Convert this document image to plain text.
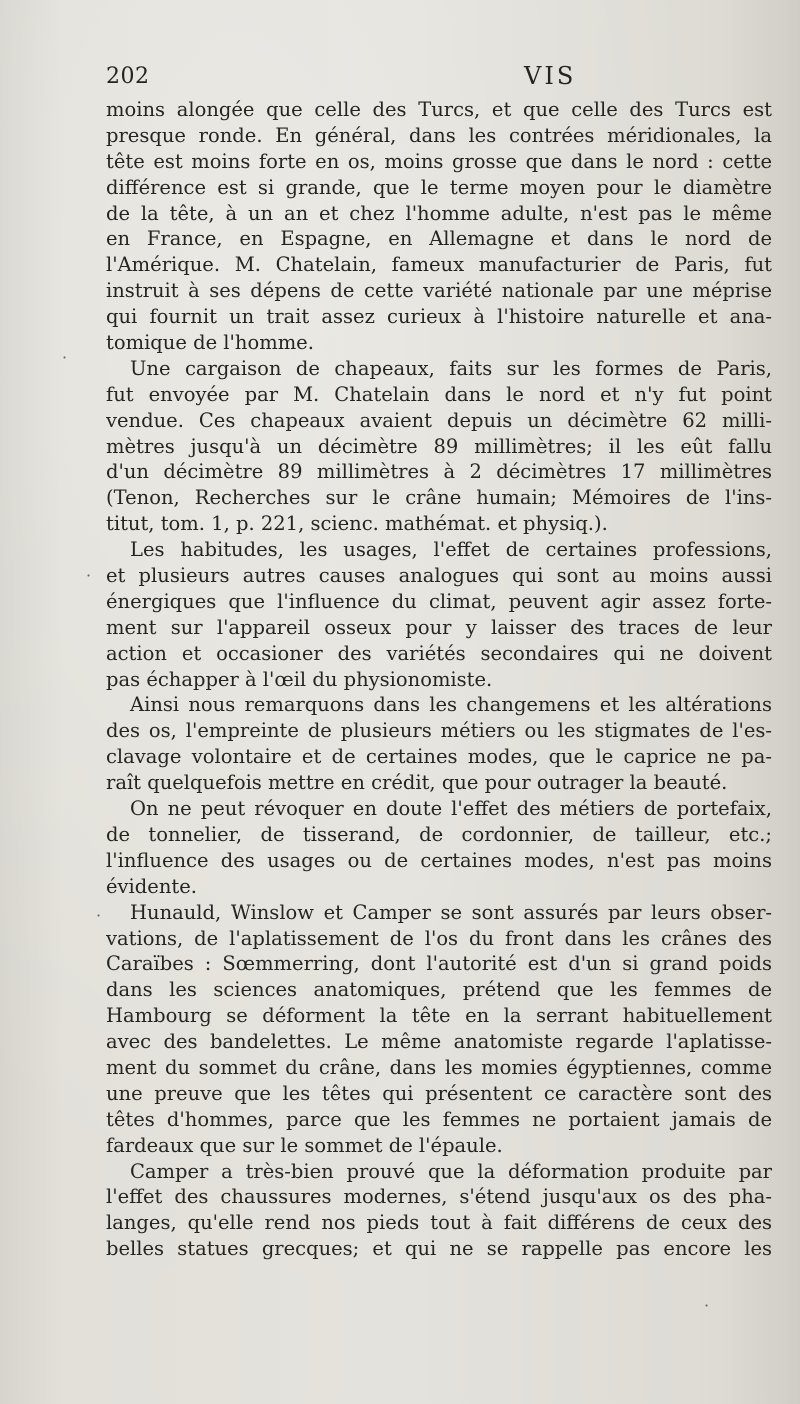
202	VIS
moins alongée que celle des Turcs, et que celle des Turcs est
presque ronde. En général, dans les contrées méridionales, la
tête est moins forte en os, moins grosse que dans le nord : cette
différence est si grande, que le terme moyen pour le diamètre
de la tête, à un an et chez l'homme adulte, n'est pas le même
en France, en Espagne, en Allemagne et dans le nord de
l'Amérique. M. Chatelain, fameux manufacturier de Paris, fut
instruit à ses dépens de cette variété nationale par une méprise
qui fournit un trait assez curieux à l'histoire naturelle et ana-
tomique de l'homme.
Une cargaison de chapeaux, faits sur les formes de Paris,
fut envoyée par M. Chatelain dans le nord et n'y fut point
vendue. Ces chapeaux avaient depuis un décimètre 62 milli-
mètres jusqu'à un décimètre 89 millimètres; il les eût fallu
d'un décimètre 89 millimètres à 2 décimètres 17 millimètres
(Tenon, Recherches sur le crâne humain; Mémoires de l'ins-
titut, tom. 1, p. 221, scienc. mathémat. et physiq.).
Les habitudes, les usages, l'effet de certaines professions,
et plusieurs autres causes analogues qui sont au moins aussi
énergiques que l'influence du climat, peuvent agir assez forte-
ment sur l'appareil osseux pour y laisser des traces de leur
action et occasioner des variétés secondaires qui ne doivent
pas échapper à l'œil du physionomiste.
Ainsi nous remarquons dans les changemens et les altérations
des os, l'empreinte de plusieurs métiers ou les stigmates de l'es-
clavage volontaire et de certaines modes, que le caprice ne pa-
raît quelquefois mettre en crédit, que pour outrager la beauté.
On ne peut révoquer en doute l'effet des métiers de portefaix,
de tonnelier, de tisserand, de cordonnier, de tailleur, etc.;
l'influence des usages ou de certaines modes, n'est pas moins
évidente.
Hunauld, Winslow et Camper se sont assurés par leurs obser-
vations, de l'aplatissement de l'os du front dans les crânes des
Caraïbes : Sœmmerring, dont l'autorité est d'un si grand poids
dans les sciences anatomiques, prétend que les femmes de
Hambourg se déforment la tête en la serrant habituellement
avec des bandelettes. Le même anatomiste regarde l'aplatisse-
ment du sommet du crâne, dans les momies égyptiennes, comme
une preuve que les têtes qui présentent ce caractère sont des
têtes d'hommes, parce que les femmes ne portaient jamais de
fardeaux que sur le sommet de l'épaule.
Camper a très-bien prouvé que la déformation produite par
l'effet des chaussures modernes, s'étend jusqu'aux os des pha-
langes, qu'elle rend nos pieds tout à fait différens de ceux des
belles statues grecques; et qui ne se rappelle pas encore les
·
·
·
·
